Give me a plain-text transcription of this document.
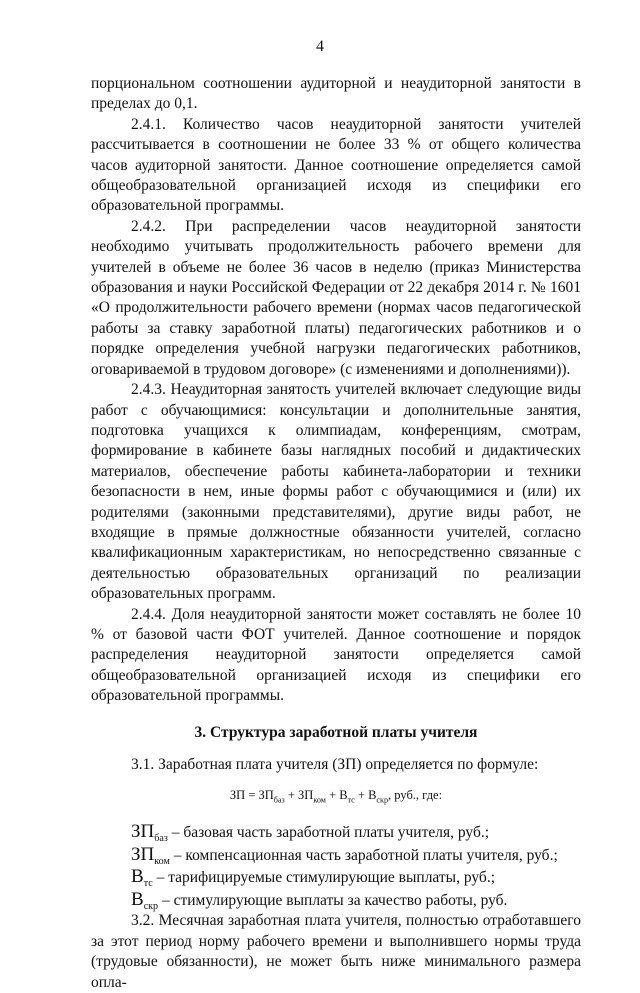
4

порциональном соотношении аудиторной и неаудиторной занятости в пределах до 0,1.

2.4.1. Количество часов неаудиторной занятости учителей рассчитывается в соотношении не более 33 % от общего количества часов аудиторной занятости. Данное соотношение определяется самой общеобразовательной организацией исходя из специфики его образовательной программы.

2.4.2. При распределении часов неаудиторной занятости необходимо учитывать продолжительность рабочего времени для учителей в объеме не более 36 часов в неделю (приказ Министерства образования и науки Российской Федерации от 22 декабря 2014 г. № 1601 «О продолжительности рабочего времени (нормах часов педагогической работы за ставку заработной платы) педагогических работников и о порядке определения учебной нагрузки педагогических работников, оговариваемой в трудовом договоре» (с изменениями и дополнениями)).

2.4.3. Неаудиторная занятость учителей включает следующие виды работ с обучающимися: консультации и дополнительные занятия, подготовка учащихся к олимпиадам, конференциям, смотрам, формирование в кабинете базы наглядных пособий и дидактических материалов, обеспечение работы кабинета-лаборатории и техники безопасности в нем, иные формы работ с обучающимися и (или) их родителями (законными представителями), другие виды работ, не входящие в прямые должностные обязанности учителей, согласно квалификационным характеристикам, но непосредственно связанные с деятельностью образовательных организаций по реализации образовательных программ.

2.4.4. Доля неаудиторной занятости может составлять не более 10 % от базовой части ФОТ учителей. Данное соотношение и порядок распределения неаудиторной занятости определяется самой общеобразовательной организацией исходя из специфики его образовательной программы.

3. Структура заработной платы учителя

3.1. Заработная плата учителя (ЗП) определяется по формуле:

ЗП = $ЗП_{баз} + ЗП_{ком} + В_{тс} + В_{скр}$, руб., где:

$ЗП_{баз}$ – базовая часть заработной платы учителя, руб.;

$ЗП_{ком}$ – компенсационная часть заработной платы учителя, руб.;

$В_{тс}$ – тарифицируемые стимулирующие выплаты, руб.;

$В_{скр}$ – стимулирующие выплаты за качество работы, руб.

3.2. Месячная заработная плата учителя, полностью отработавшего за этот период норму рабочего времени и выполнившего нормы труда (трудовые обязанности), не может быть ниже минимального размера опла-
